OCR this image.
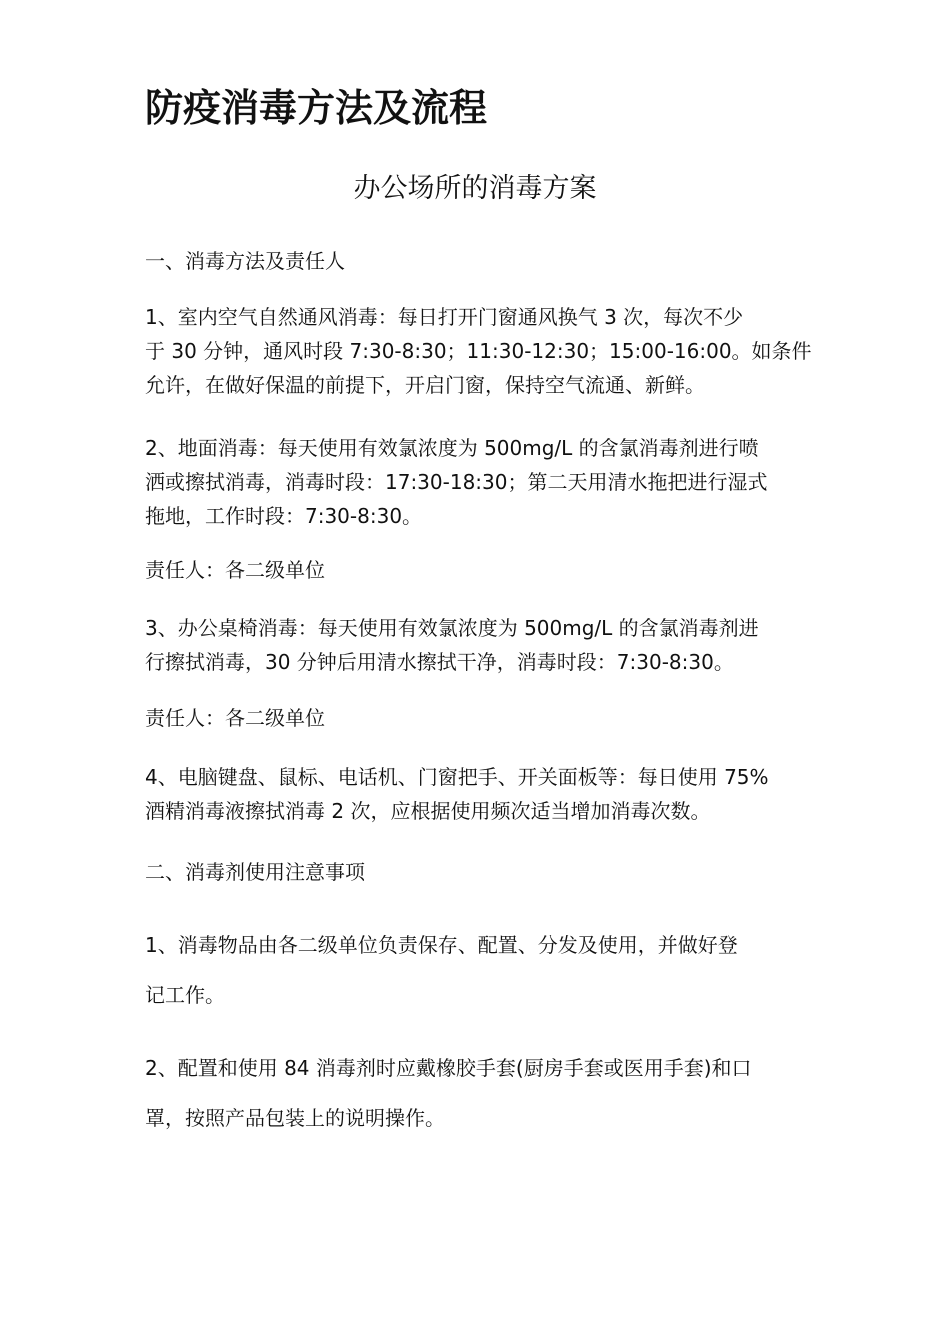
防疫消毒方法及流程
办公场所的消毒方案

一、消毒方法及责任人

1、室内空气自然通风消毒：每日打开门窗通风换气 3 次，每次不少
于 30 分钟，通风时段 7:30-8:30；11:30-12:30；15:00-16:00。如条件
允许，在做好保温的前提下，开启门窗，保持空气流通、新鲜。

2、地面消毒：每天使用有效氯浓度为 500mg/L 的含氯消毒剂进行喷
洒或擦拭消毒，消毒时段：17:30-18:30；第二天用清水拖把进行湿式
拖地，工作时段：7:30-8:30。

责任人：各二级单位

3、办公桌椅消毒：每天使用有效氯浓度为 500mg/L 的含氯消毒剂进
行擦拭消毒，30 分钟后用清水擦拭干净，消毒时段：7:30-8:30。

责任人：各二级单位

4、电脑键盘、鼠标、电话机、门窗把手、开关面板等：每日使用 75%
酒精消毒液擦拭消毒 2 次，应根据使用频次适当增加消毒次数。

二、消毒剂使用注意事项

1、消毒物品由各二级单位负责保存、配置、分发及使用，并做好登
记工作。

2、配置和使用 84 消毒剂时应戴橡胶手套(厨房手套或医用手套)和口
罩，按照产品包装上的说明操作。
